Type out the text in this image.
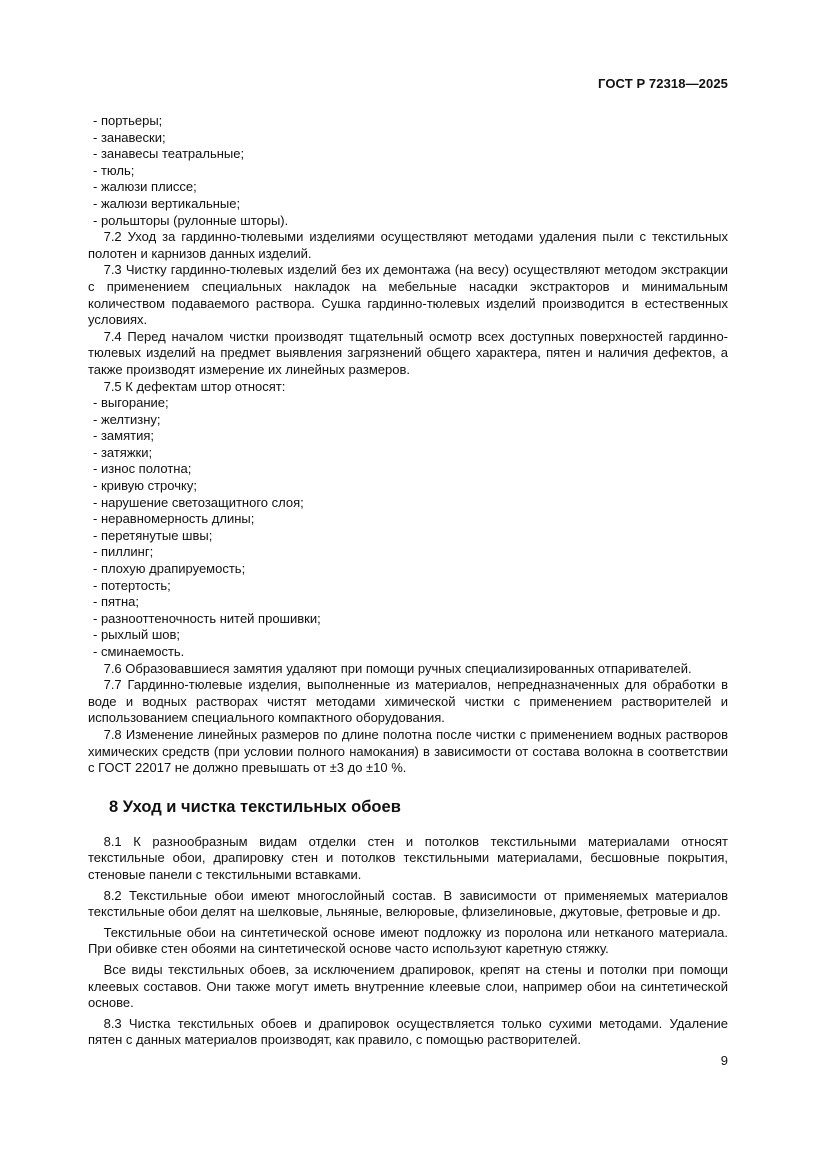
ГОСТ Р 72318—2025

- портьеры;

- занавески;

- занавесы театральные;

- тюль;

- жалюзи плиссе;

- жалюзи вертикальные;

- рольшторы (рулонные шторы).

7.2 Уход за гардинно-тюлевыми изделиями осуществляют методами удаления пыли с текстильных полотен и карнизов данных изделий.

7.3 Чистку гардинно-тюлевых изделий без их демонтажа (на весу) осуществляют методом экстракции с применением специальных накладок на мебельные насадки экстракторов и минимальным количеством подаваемого раствора. Сушка гардинно-тюлевых изделий производится в естественных условиях.

7.4 Перед началом чистки производят тщательный осмотр всех доступных поверхностей гардинно-тюлевых изделий на предмет выявления загрязнений общего характера, пятен и наличия дефектов, а также производят измерение их линейных размеров.

7.5 К дефектам штор относят:

- выгорание;

- желтизну;

- замятия;

- затяжки;

- износ полотна;

- кривую строчку;

- нарушение светозащитного слоя;

- неравномерность длины;

- перетянутые швы;

- пиллинг;

- плохую драпируемость;

- потертость;

- пятна;

- разнооттеночность нитей прошивки;

- рыхлый шов;

- сминаемость.

7.6 Образовавшиеся замятия удаляют при помощи ручных специализированных отпаривателей.

7.7 Гардинно-тюлевые изделия, выполненные из материалов, непредназначенных для обработки в воде и водных растворах чистят методами химической чистки с применением растворителей и использованием специального компактного оборудования.

7.8 Изменение линейных размеров по длине полотна после чистки с применением водных растворов химических средств (при условии полного намокания) в зависимости от состава волокна в соответствии с ГОСТ 22017 не должно превышать от ±3 до ±10 %.

8 Уход и чистка текстильных обоев

8.1 К разнообразным видам отделки стен и потолков текстильными материалами относят текстильные обои, драпировку стен и потолков текстильными материалами, бесшовные покрытия, стеновые панели с текстильными вставками.

8.2 Текстильные обои имеют многослойный состав. В зависимости от применяемых материалов текстильные обои делят на шелковые, льняные, велюровые, флизелиновые, джутовые, фетровые и др.

Текстильные обои на синтетической основе имеют подложку из поролона или нетканого материала. При обивке стен обоями на синтетической основе часто используют каретную стяжку.

Все виды текстильных обоев, за исключением драпировок, крепят на стены и потолки при помощи клеевых составов. Они также могут иметь внутренние клеевые слои, например обои на синтетической основе.

8.3 Чистка текстильных обоев и драпировок осуществляется только сухими методами. Удаление пятен с данных материалов производят, как правило, с помощью растворителей.

9
